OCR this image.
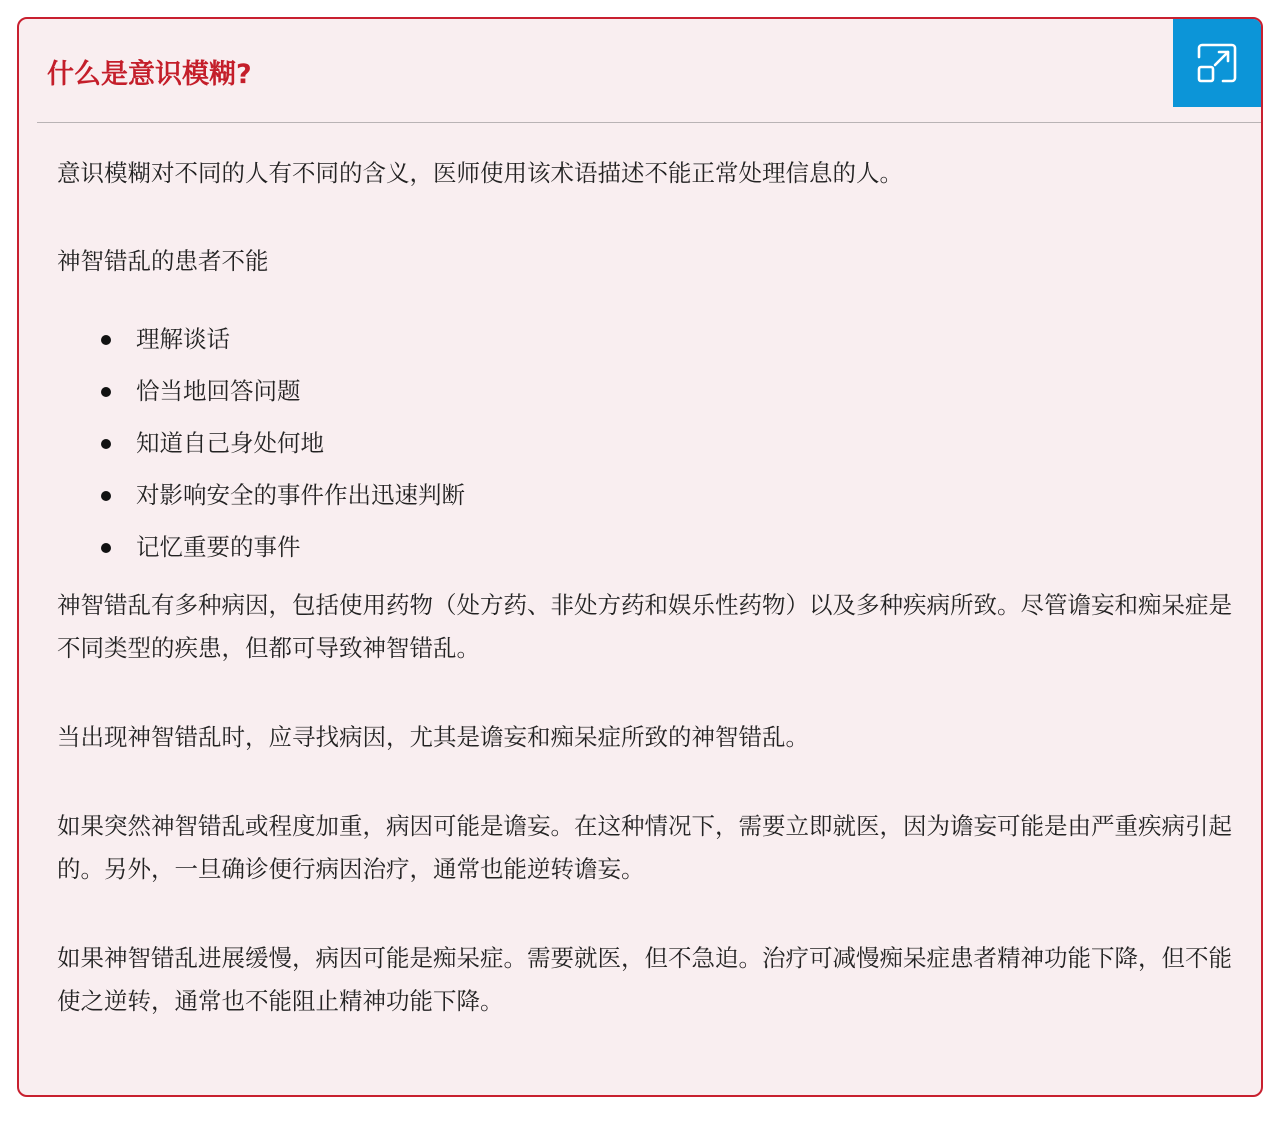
什么是意识模糊?

意识模糊对不同的人有不同的含义，医师使用该术语描述不能正常处理信息的人。

神智错乱的患者不能

理解谈话
恰当地回答问题
知道自己身处何地
对影响安全的事件作出迅速判断
记忆重要的事件

神智错乱有多种病因，包括使用药物（处方药、非处方药和娱乐性药物）以及多种疾病所致。尽管谵妄和痴呆症是不同类型的疾患，但都可导致神智错乱。

当出现神智错乱时，应寻找病因，尤其是谵妄和痴呆症所致的神智错乱。

如果突然神智错乱或程度加重，病因可能是谵妄。在这种情况下，需要立即就医，因为谵妄可能是由严重疾病引起的。另外，一旦确诊便行病因治疗，通常也能逆转谵妄。

如果神智错乱进展缓慢，病因可能是痴呆症。需要就医，但不急迫。治疗可减慢痴呆症患者精神功能下降，但不能使之逆转，通常也不能阻止精神功能下降。
